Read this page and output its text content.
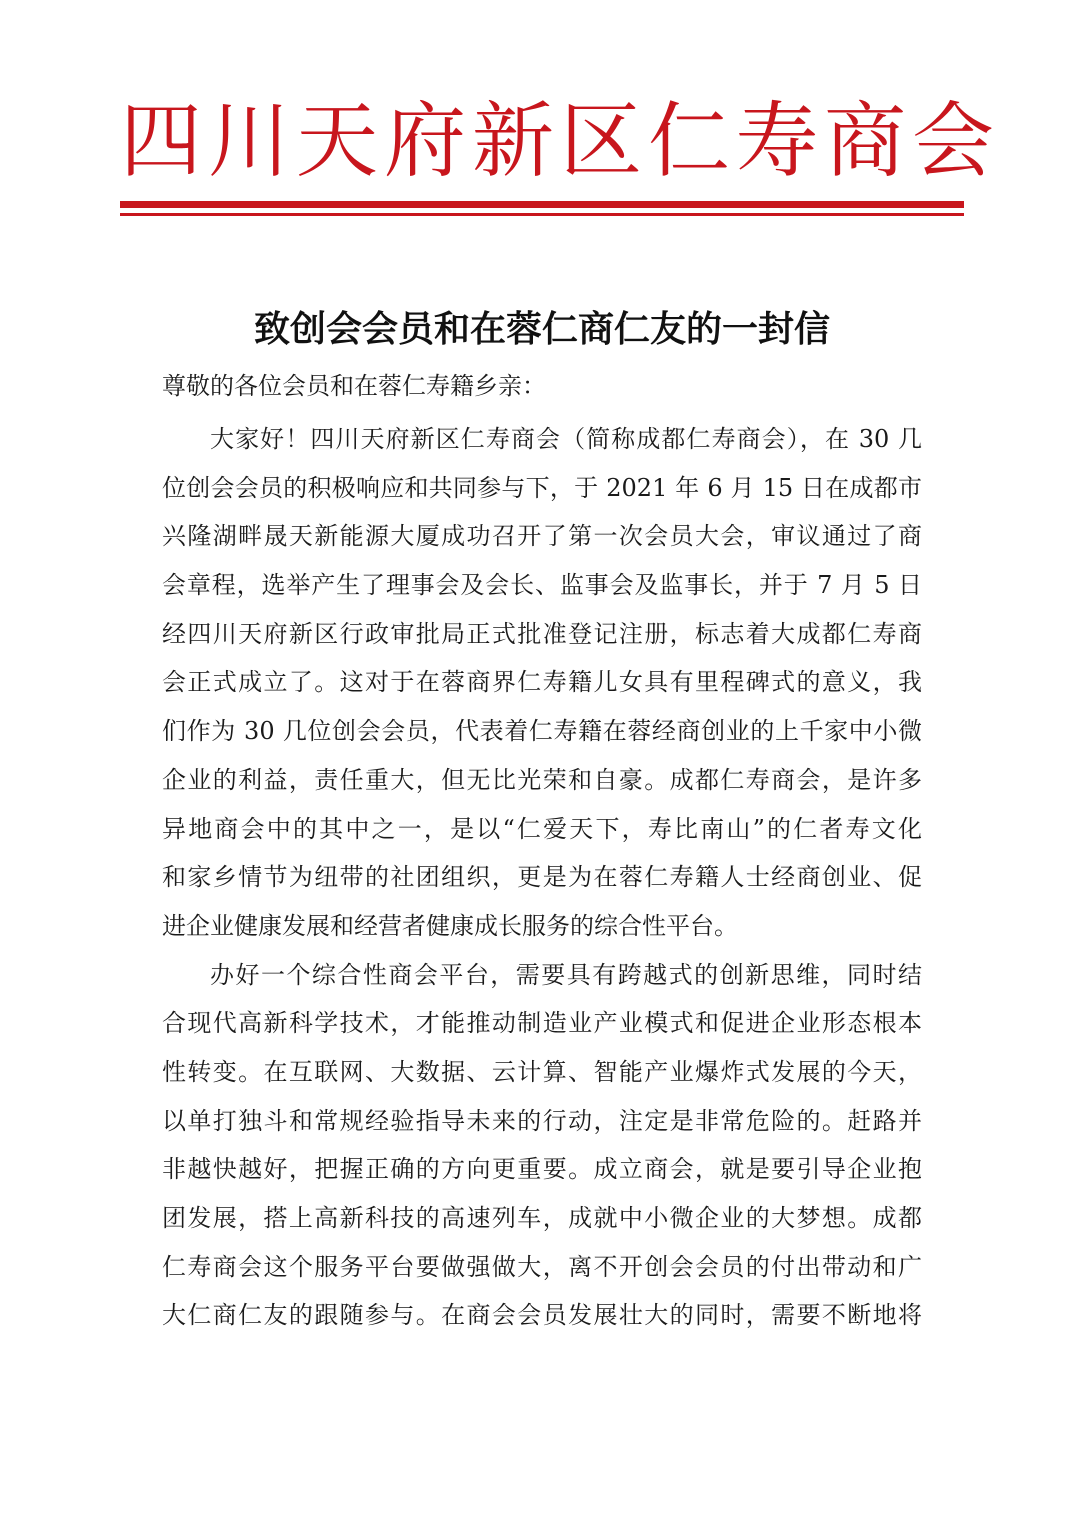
四川天府新区仁寿商会
致创会会员和在蓉仁商仁友的一封信
尊敬的各位会员和在蓉仁寿籍乡亲：
大家好！四川天府新区仁寿商会（简称成都仁寿商会），在 30 几
位创会会员的积极响应和共同参与下，于 2021 年 6 月 15 日在成都市
兴隆湖畔晟天新能源大厦成功召开了第一次会员大会，审议通过了商
会章程，选举产生了理事会及会长、监事会及监事长，并于 7 月 5 日
经四川天府新区行政审批局正式批准登记注册，标志着大成都仁寿商
会正式成立了。这对于在蓉商界仁寿籍儿女具有里程碑式的意义，我
们作为 30 几位创会会员，代表着仁寿籍在蓉经商创业的上千家中小微
企业的利益，责任重大，但无比光荣和自豪。成都仁寿商会，是许多
异地商会中的其中之一，是以“仁爱天下，寿比南山”的仁者寿文化
和家乡情节为纽带的社团组织，更是为在蓉仁寿籍人士经商创业、促
进企业健康发展和经营者健康成长服务的综合性平台。
办好一个综合性商会平台，需要具有跨越式的创新思维，同时结
合现代高新科学技术，才能推动制造业产业模式和促进企业形态根本
性转变。在互联网、大数据、云计算、智能产业爆炸式发展的今天，
以单打独斗和常规经验指导未来的行动，注定是非常危险的。赶路并
非越快越好，把握正确的方向更重要。成立商会，就是要引导企业抱
团发展，搭上高新科技的高速列车，成就中小微企业的大梦想。成都
仁寿商会这个服务平台要做强做大，离不开创会会员的付出带动和广
大仁商仁友的跟随参与。在商会会员发展壮大的同时，需要不断地将
